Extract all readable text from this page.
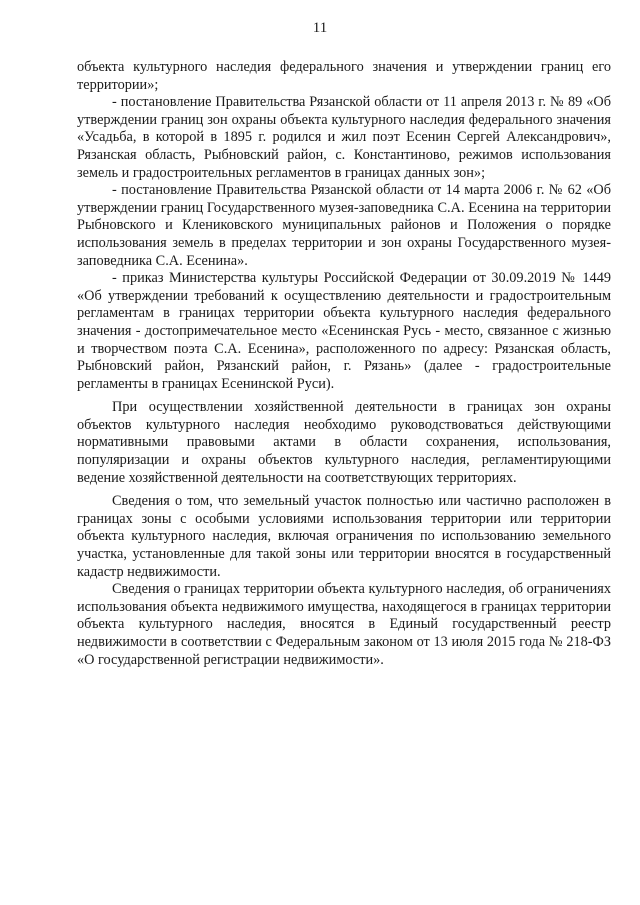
11

объекта культурного наследия федерального значения и утверждении границ его территории»;

- постановление Правительства Рязанской области от 11 апреля 2013 г. № 89 «Об утверждении границ зон охраны объекта культурного наследия федерального значения «Усадьба, в которой в 1895 г. родился и жил поэт Есенин Сергей Александрович», Рязанская область, Рыбновский район, с. Константиново, режимов использования земель и градостроительных регламентов в границах данных зон»;

- постановление Правительства Рязанской области от 14 марта 2006 г. № 62 «Об утверждении границ Государственного музея-заповедника С.А. Есенина на территории Рыбновского и Клениковского муниципальных районов и Положения о порядке использования земель в пределах территории и зон охраны Государственного музея-заповедника С.А. Есенина».

- приказ Министерства культуры Российской Федерации от 30.09.2019 № 1449 «Об утверждении требований к осуществлению деятельности и градостроительным регламентам в границах территории объекта культурного наследия федерального значения - достопримечательное место «Есенинская Русь - место, связанное с жизнью и творчеством поэта С.А. Есенина», расположенного по адресу: Рязанская область, Рыбновский район, Рязанский район, г. Рязань» (далее - градостроительные регламенты в границах Есенинской Руси).

При осуществлении хозяйственной деятельности в границах зон охраны объектов культурного наследия необходимо руководствоваться действующими нормативными правовыми актами в области сохранения, использования, популяризации и охраны объектов культурного наследия, регламентирующими ведение хозяйственной деятельности на соответствующих территориях.

Сведения о том, что земельный участок полностью или частично расположен в границах зоны с особыми условиями использования территории или территории объекта культурного наследия, включая ограничения по использованию земельного участка, установленные для такой зоны или территории вносятся в государственный кадастр недвижимости.

Сведения о границах территории объекта культурного наследия, об ограничениях использования объекта недвижимого имущества, находящегося в границах территории объекта культурного наследия, вносятся в Единый государственный реестр недвижимости в соответствии с Федеральным законом от 13 июля 2015 года № 218-ФЗ «О государственной регистрации недвижимости».
